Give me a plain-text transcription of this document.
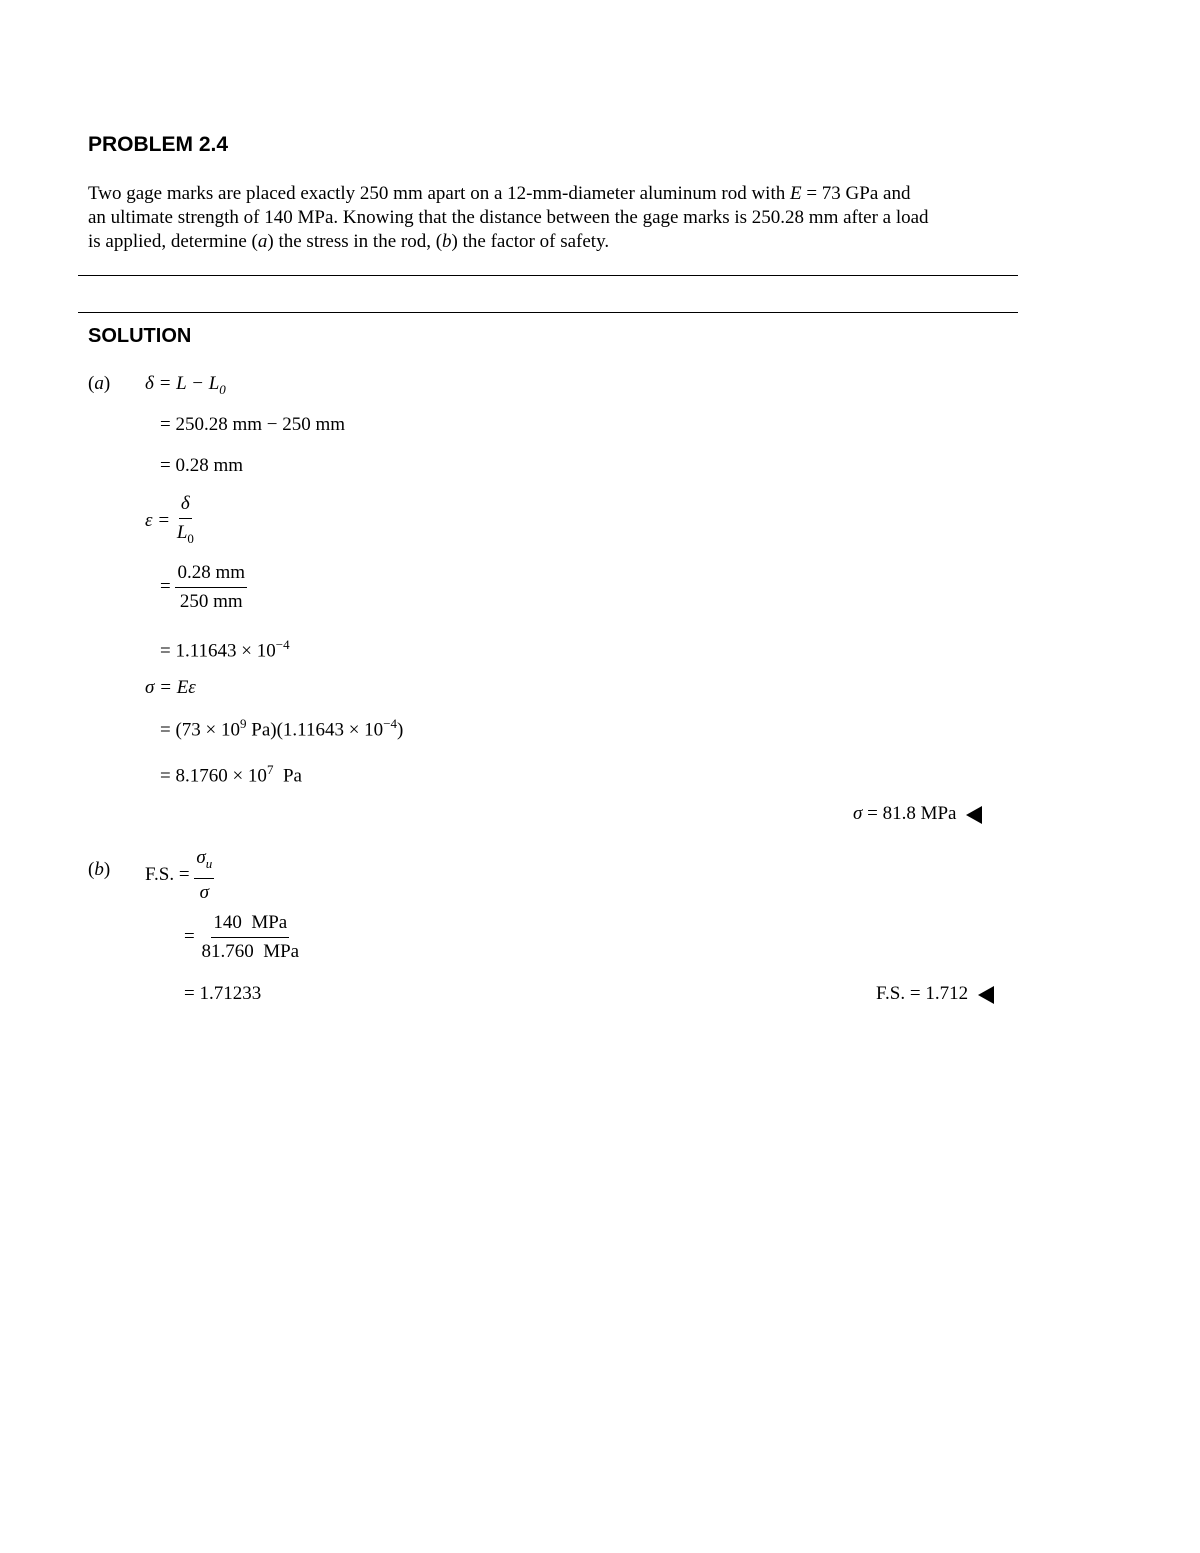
PROBLEM 2.4
Two gage marks are placed exactly 250 mm apart on a 12-mm-diameter aluminum rod with E = 73 GPa and
an ultimate strength of 140 MPa. Knowing that the distance between the gage marks is 250.28 mm after a load
is applied, determine (a) the stress in the rod, (b) the factor of safety.
SOLUTION
(a) $\delta = L - L_0$
= 250.28 mm − 250 mm
= 0.28 mm
$\varepsilon = \frac{\delta}{L_0}$
= $\frac{0.28 mm}{250 mm}$
= $1.11643 \times 10^{-4}$
σ = Eε
= ($73 \times 10^9$ $Pa)(1.11643 \times 10^{-4})$
= $8.1760 \times 10^7$  Pa
σ = 81.8 MPa
(b) F.S. = $\frac{\sigma_u}{\sigma}$
= $\frac{\text{140  MPa}}{\text{81.760  MPa}}$
= 1.71233	F.S. = 1.712
